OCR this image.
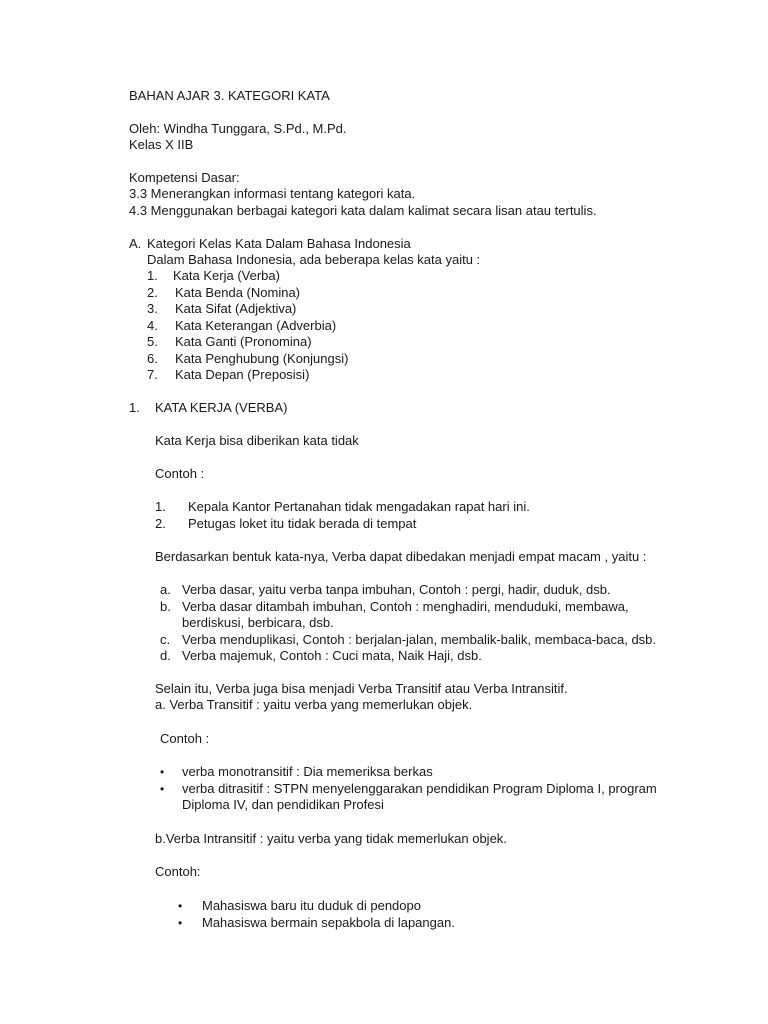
BAHAN AJAR 3. KATEGORI KATA
Oleh: Windha Tunggara, S.Pd., M.Pd.
Kelas X IIB
Kompetensi Dasar:
3.3 Menerangkan informasi tentang kategori kata.
4.3 Menggunakan berbagai kategori kata dalam kalimat secara lisan atau tertulis.
A. Kategori Kelas Kata Dalam Bahasa Indonesia
Dalam Bahasa Indonesia, ada beberapa kelas kata yaitu :
1. Kata Kerja (Verba)
2. Kata Benda (Nomina)
3. Kata Sifat (Adjektiva)
4. Kata Keterangan (Adverbia)
5. Kata Ganti (Pronomina)
6. Kata Penghubung (Konjungsi)
7. Kata Depan (Preposisi)
1. KATA KERJA (VERBA)
Kata Kerja bisa diberikan kata tidak
Contoh :
1. Kepala Kantor Pertanahan tidak mengadakan rapat hari ini.
2. Petugas loket itu tidak berada di tempat
Berdasarkan bentuk kata-nya, Verba dapat dibedakan menjadi empat macam , yaitu :
a. Verba dasar, yaitu verba tanpa imbuhan, Contoh : pergi, hadir, duduk, dsb.
b. Verba dasar ditambah imbuhan, Contoh : menghadiri, menduduki, membawa,
berdiskusi, berbicara, dsb.
c. Verba menduplikasi, Contoh : berjalan-jalan, membalik-balik, membaca-baca, dsb.
d. Verba majemuk, Contoh : Cuci mata, Naik Haji, dsb.
Selain itu, Verba juga bisa menjadi Verba Transitif atau Verba Intransitif.
a. Verba Transitif : yaitu verba yang memerlukan objek.
Contoh :
• verba monotransitif : Dia memeriksa berkas
• verba ditrasitif : STPN menyelenggarakan pendidikan Program Diploma I, program
Diploma IV, dan pendidikan Profesi
b.Verba Intransitif : yaitu verba yang tidak memerlukan objek.
Contoh:
• Mahasiswa baru itu duduk di pendopo
• Mahasiswa bermain sepakbola di lapangan.
